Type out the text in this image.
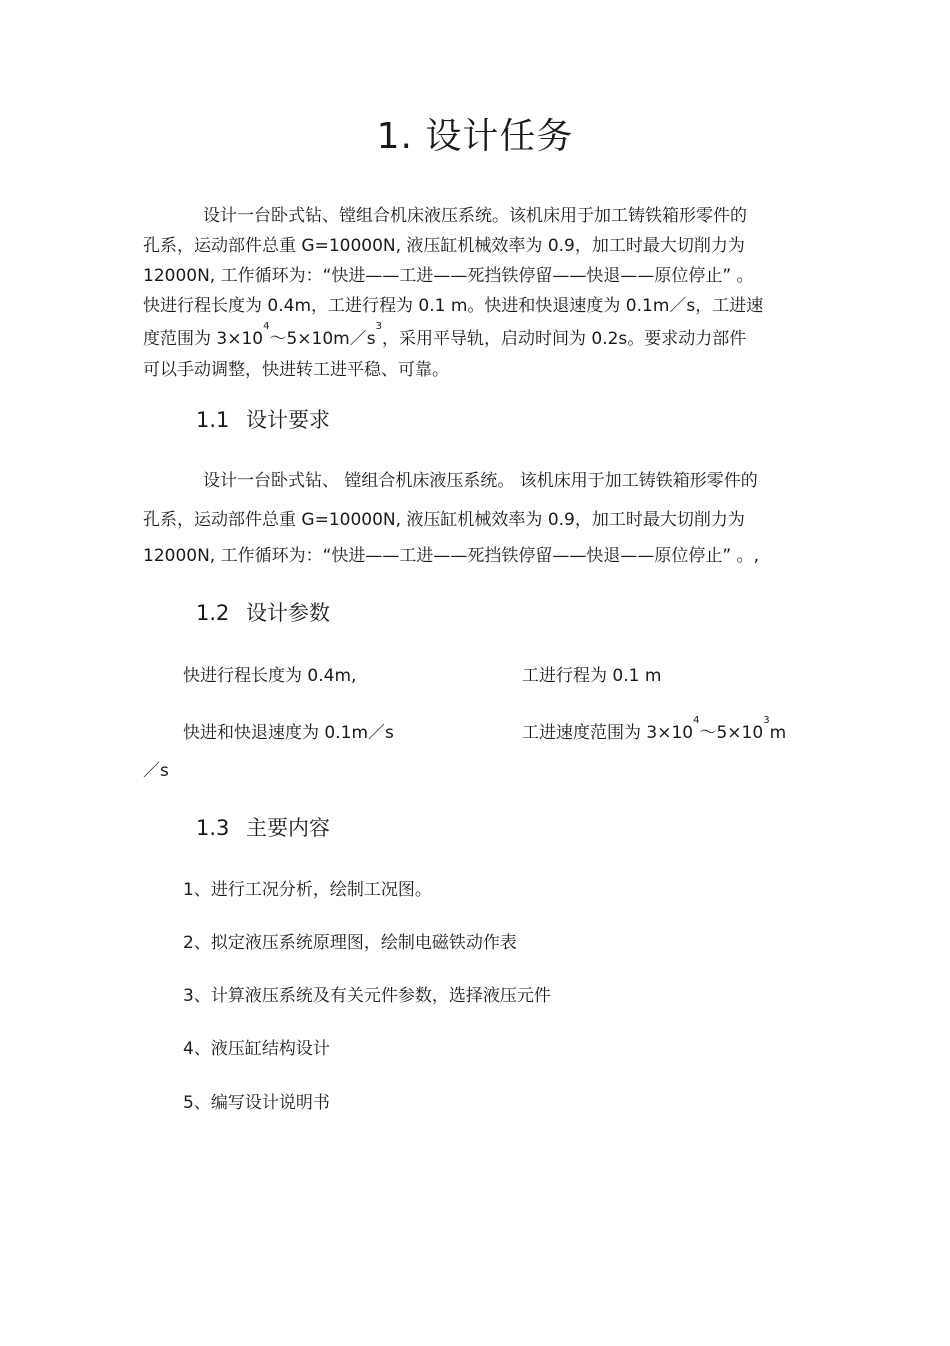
1. 设计任务
设计一台卧式钻、镗组合机床液压系统。该机床用于加工铸铁箱形零件的
孔系，运动部件总重 G=10000N, 液压缸机械效率为 0.9，加工时最大切削力为
12000N, 工作循环为：“快进——工进——死挡铁停留——快退——原位停止” 。
快进行程长度为 0.4m，工进行程为 0.1 m。快进和快退速度为 0.1m／s，工进速
度范围为 $3\times 10^4\sim 5\times 10m/s^3$，采用平导轨，启动时间为 0.2s。要求动力部件
可以手动调整，快进转工进平稳、可靠。
1.1 设计要求
设计一台卧式钻、 镗组合机床液压系统。 该机床用于加工铸铁箱形零件的
孔系，运动部件总重 G=10000N, 液压缸机械效率为 0.9，加工时最大切削力为
12000N, 工作循环为：“快进——工进——死挡铁停留——快退——原位停止” 。,
1.2 设计参数
快进行程长度为 0.4m,	工进行程为 0.1 m
快进和快退速度为 0.1m／s	工进速度范围为 $3\times 10^4\sim 5\times 10^3m$
／s
1.3 主要内容
1、进行工况分析，绘制工况图。
2、拟定液压系统原理图，绘制电磁铁动作表
3、计算液压系统及有关元件参数，选择液压元件
4、液压缸结构设计
5、编写设计说明书
